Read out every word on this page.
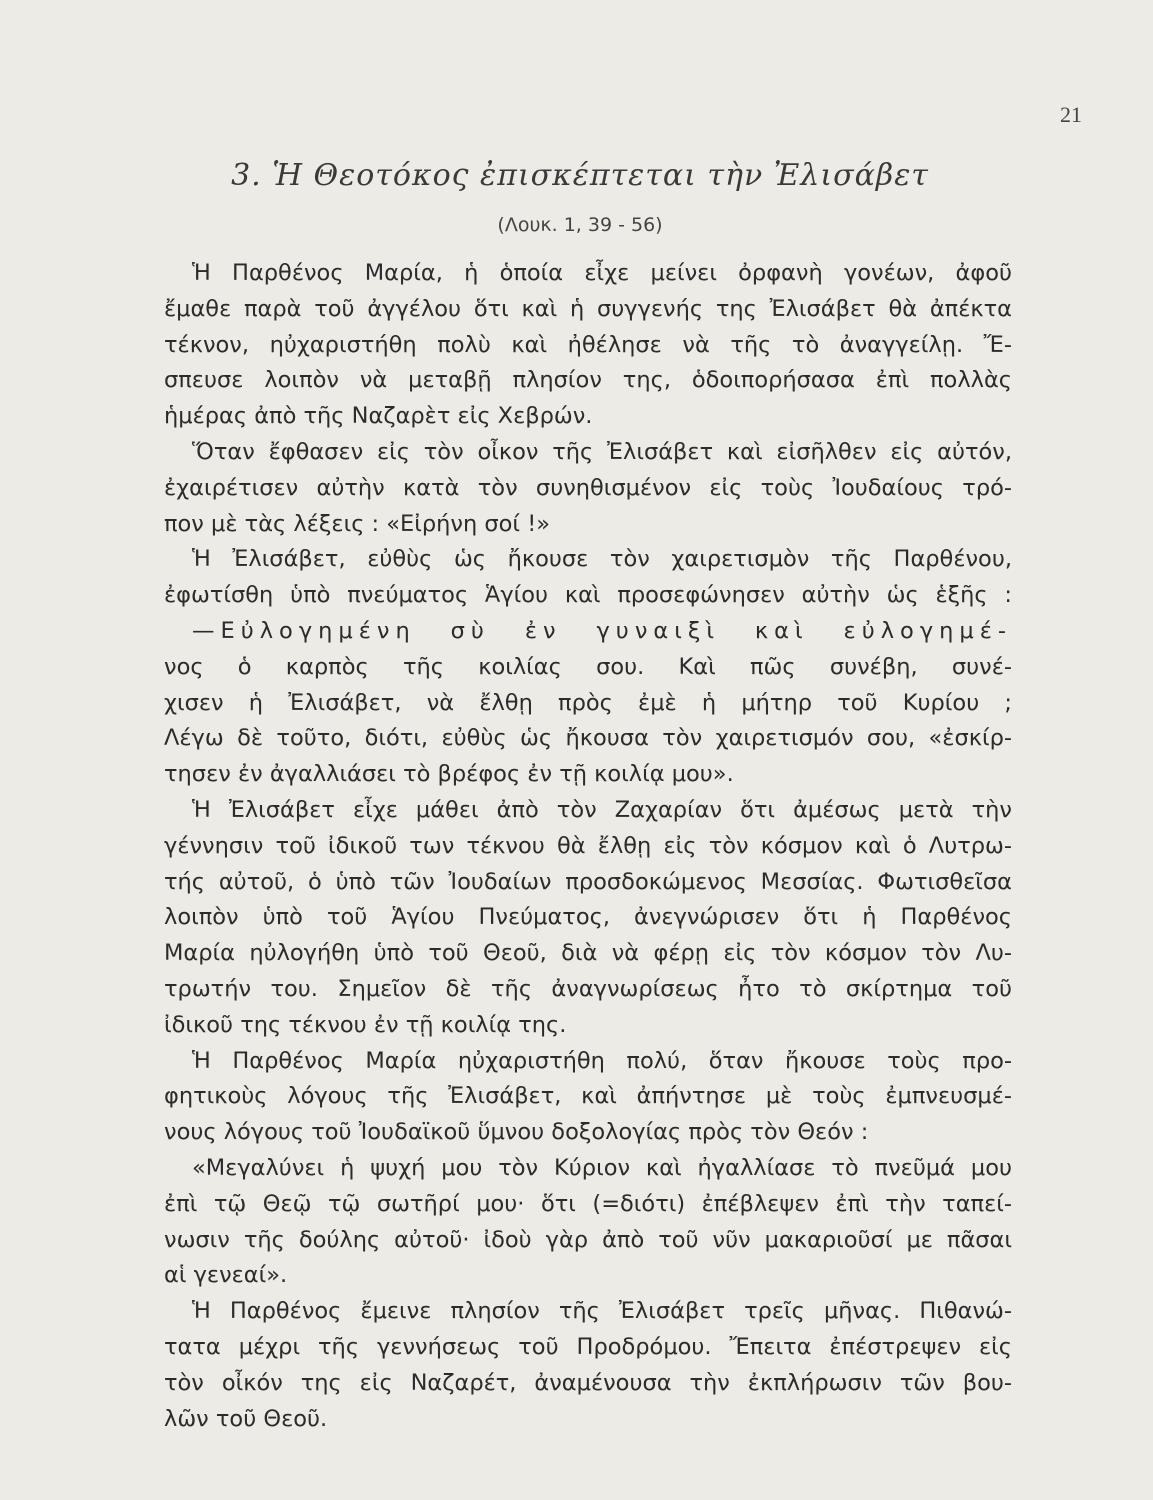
21
3. Ἡ Θεοτόκος ἐπισκέπτεται τὴν Ἐλισάβετ
(Λουκ. 1, 39 - 56)
Ἡ Παρθένος Μαρία, ἡ ὁποία εἶχε μείνει ὀρφανὴ γονέων, ἀφοῦ
ἔμαθε παρὰ τοῦ ἀγγέλου ὅτι καὶ ἡ συγγενής της Ἐλισάβετ θὰ ἀπέκτα
τέκνον, ηὐχαριστήθη πολὺ καὶ ἠθέλησε νὰ τῆς τὸ ἀναγγείλῃ. Ἔ-
σπευσε λοιπὸν νὰ μεταβῇ πλησίον της, ὁδοιπορήσασα ἐπὶ πολλὰς
ἡμέρας ἀπὸ τῆς Ναζαρὲτ εἰς Χεβρών.
Ὅταν ἔφθασεν εἰς τὸν οἶκον τῆς Ἐλισάβετ καὶ εἰσῆλθεν εἰς αὐτόν,
ἐχαιρέτισεν αὐτὴν κατὰ τὸν συνηθισμένον εἰς τοὺς Ἰουδαίους τρό-
πον μὲ τὰς λέξεις : «Εἰρήνη σοί !»
Ἡ Ἐλισάβετ, εὐθὺς ὡς ἤκουσε τὸν χαιρετισμὸν τῆς Παρθένου,
ἐφωτίσθη ὑπὸ πνεύματος Ἁγίου καὶ προσεφώνησεν αὐτὴν ὡς ἑξῆς :
—Εὐλογημένη σὺ ἐν γυναιξὶ καὶ εὐλογημέ-
νος ὁ καρπὸς τῆς κοιλίας σου. Καὶ πῶς συνέβη, συνέ-
χισεν ἡ Ἐλισάβετ, νὰ ἔλθῃ πρὸς ἐμὲ ἡ μήτηρ τοῦ Κυρίου ;
Λέγω δὲ τοῦτο, διότι, εὐθὺς ὡς ἤκουσα τὸν χαιρετισμόν σου, «ἐσκίρ-
τησεν ἐν ἀγαλλιάσει τὸ βρέφος ἐν τῇ κοιλίᾳ μου».
Ἡ Ἐλισάβετ εἶχε μάθει ἀπὸ τὸν Ζαχαρίαν ὅτι ἀμέσως μετὰ τὴν
γέννησιν τοῦ ἰδικοῦ των τέκνου θὰ ἔλθῃ εἰς τὸν κόσμον καὶ ὁ Λυτρω-
τής αὐτοῦ, ὁ ὑπὸ τῶν Ἰουδαίων προσδοκώμενος Μεσσίας. Φωτισθεῖσα
λοιπὸν ὑπὸ τοῦ Ἁγίου Πνεύματος, ἀνεγνώρισεν ὅτι ἡ Παρθένος
Μαρία ηὐλογήθη ὑπὸ τοῦ Θεοῦ, διὰ νὰ φέρῃ εἰς τὸν κόσμον τὸν Λυ-
τρωτήν του. Σημεῖον δὲ τῆς ἀναγνωρίσεως ἦτο τὸ σκίρτημα τοῦ
ἰδικοῦ της τέκνου ἐν τῇ κοιλίᾳ της.
Ἡ Παρθένος Μαρία ηὐχαριστήθη πολύ, ὅταν ἤκουσε τοὺς προ-
φητικοὺς λόγους τῆς Ἐλισάβετ, καὶ ἀπήντησε μὲ τοὺς ἐμπνευσμέ-
νους λόγους τοῦ Ἰουδαϊκοῦ ὕμνου δοξολογίας πρὸς τὸν Θεόν :
«Μεγαλύνει ἡ ψυχή μου τὸν Κύριον καὶ ἠγαλλίασε τὸ πνεῦμά μου
ἐπὶ τῷ Θεῷ τῷ σωτῆρί μου· ὅτι (=διότι) ἐπέβλεψεν ἐπὶ τὴν ταπεί-
νωσιν τῆς δούλης αὐτοῦ· ἰδοὺ γὰρ ἀπὸ τοῦ νῦν μακαριοῦσί με πᾶσαι
αἱ γενεαί».
Ἡ Παρθένος ἔμεινε πλησίον τῆς Ἐλισάβετ τρεῖς μῆνας. Πιθανώ-
τατα μέχρι τῆς γεννήσεως τοῦ Προδρόμου. Ἔπειτα ἐπέστρεψεν εἰς
τὸν οἶκόν της εἰς Ναζαρέτ, ἀναμένουσα τὴν ἐκπλήρωσιν τῶν βου-
λῶν τοῦ Θεοῦ.
